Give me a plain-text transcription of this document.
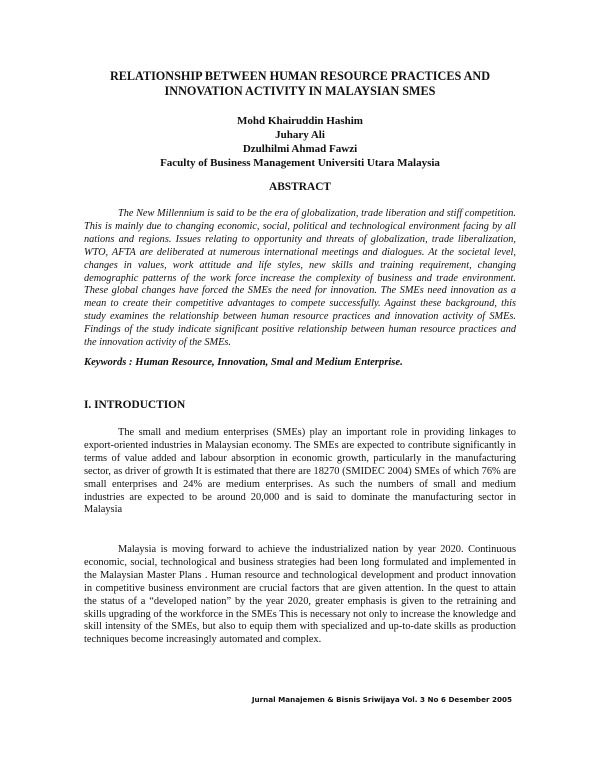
RELATIONSHIP BETWEEN HUMAN RESOURCE PRACTICES AND
INNOVATION ACTIVITY IN MALAYSIAN SMES
Mohd Khairuddin Hashim
Juhary Ali
Dzulhilmi Ahmad Fawzi
Faculty of Business Management Universiti Utara Malaysia
ABSTRACT

The New Millennium is said to be the era of globalization, trade liberation and stiff competition. This is mainly due to changing economic, social, political and technological environment facing by all nations and regions. Issues relating to opportunity and threats of globalization, trade liberalization, WTO, AFTA are deliberated at numerous international meetings and dialogues. At the societal level, changes in values, work attitude and life styles, new skills and training requirement, changing demographic patterns of the work force increase the complexity of business and trade environment. These global changes have forced the SMEs the need for innovation. The SMEs need innovation as a mean to create their competitive advantages to compete successfully. Against these background, this study examines the relationship between human resource practices and innovation activity of SMEs. Findings of the study indicate significant positive relationship between human resource practices and the innovation activity of the SMEs.

Keywords : Human Resource, Innovation, Smal and Medium Enterprise.
I. INTRODUCTION

The small and medium enterprises (SMEs) play an important role in providing linkages to export-oriented industries in Malaysian economy. The SMEs are expected to contribute significantly in terms of value added and labour absorption in economic growth, particularly in the manufacturing sector, as driver of growth It is estimated that there are 18270 (SMIDEC 2004) SMEs of which 76% are small enterprises and 24% are medium enterprises. As such the numbers of small and medium industries are expected to be around 20,000 and is said to dominate the manufacturing sector in Malaysia

Malaysia is moving forward to achieve the industrialized nation by year 2020. Continuous economic, social, technological and business strategies had been long formulated and implemented in the Malaysian Master Plans . Human resource and technological development and product innovation in competitive business environment are crucial factors that are given attention. In the quest to attain the status of a “developed nation” by the year 2020, greater emphasis is given to the retraining and skills upgrading of the workforce in the SMEs This is necessary not only to increase the knowledge and skill intensity of the SMEs, but also to equip them with specialized and up-to-date skills as production techniques become increasingly automated and complex.

Jurnal Manajemen & Bisnis Sriwijaya Vol. 3 No 6 Desember 2005
